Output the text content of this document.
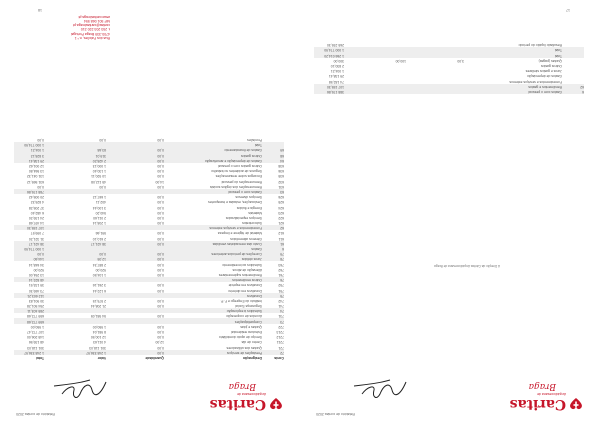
Caritas
Arquidiocesana de
Braga
Relatório de contas 2020
6
Gastos com o pessoal
388 176,86
62
Rendimentos e gastos
107 155,30
Fornecimentos e serviços externos
74 182,58
Gastos de depreciação
29 138,41
Juros e gastos similares
1 004,21
Outros gastos
2 830,10
Quotas (pagas)
3,00
100,00
300,00
Total
1 266 014,20
Total
1 000 774,90
Resultado líquido do período
265 239,30
A Direção da Cáritas Arquidiocesana de Braga
17
Caritas
Arquidiocesana de
Braga
Relatório de contas 2020
Conta
Designação
Quantidade
Valor
Total
72
Prestações de serviços
0,00
1 248 336,97
1 248 336,97
721
Quotas dos utilizadores
0,00
301 118,03
301 118,03
7211
Centro de dia
12,00
4 011,63
48 139,56
7212
Serviço de apoio domiciliário
0,00
12 100,50
145 206,00
7213
Estrutura residencial
0,00
8 981,04
107 772,47
722
Quotas e joias
0,00
1 950,00
1 950,00
73
Comparticipações
659 772,68
731
Acordos de cooperação
0,00
54 981,05
659 772,68
74
Subsídios à exploração
285 403,11
741
Segurança Social
0,00
21 208,44
254 501,28
742
Instituto do Emprego e F. P.
0,00
2 575,15
30 901,83
75
Donativos
112 603,21
751
Donativos em dinheiro
0,00
6 122,44
73 469,30
752
Donativos em espécie
0,00
3 261,16
39 133,91
76
Outros rendimentos
48 822,14
761
Rendimentos suplementares
0,00
1 104,50
13 254,00
762
Alienação de ativos
0,00
920,00
920,00
763
Subsídios ao investimento
0,00
2 887,34
34 648,14
78
Juros obtidos
0,00
12,05
144,60
79
Correções de períodos anteriores
0,00
0,00
0,00
6
Gastos
1 000 774,90
61
Custo das mercadorias vendidas
0,00
38 421,17
38 421,17
611
Géneros alimentícios
0,00
2 610,10
31 321,20
612
Material de higiene e limpeza
0,00
591,66
7 099,97
62
Fornecimentos e serviços externos
107 155,30
621
Subcontratos
0,00
1 208,14
14 497,68
622
Serviços especializados
0,00
2 011,60
24 139,20
623
Materiais
0,00
540,20
6 482,40
624
Energia e fluidos
0,00
3 100,44
37 205,28
625
Deslocações, estadas e transportes
0,00
402,11
4 825,32
626
Serviços diversos
0,00
1 667,12
20 005,42
63
Gastos com o pessoal
788 176,86
631
Remunerações dos órgãos sociais
0,00
0,00
0,00
632
Remunerações do pessoal
14,00
45 112,08
631 569,12
635
Encargos sobre remunerações
0,00
10 920,11
131 041,32
636
Seguros de acidentes no trabalho
0,00
1 130,40
13 564,80
638
Outros gastos com o pessoal
0,00
1 000,13
12 001,62
64
Gastos de depreciação e amortização
0,00
2 428,20
29 138,41
68
Outros gastos
0,00
319,01
3 828,12
69
Gastos de financiamento
0,00
83,68
1 004,21
Total
1 000 774,90
Provisões
0,00
0,00
0,00
Rua dos Falcões, n.º 1
4700-339 Braga Portugal
t. 253 203 220 210
caritas@caritasbraga.pt
NIF 501 068 994
www.caritasbraga.pt
18
